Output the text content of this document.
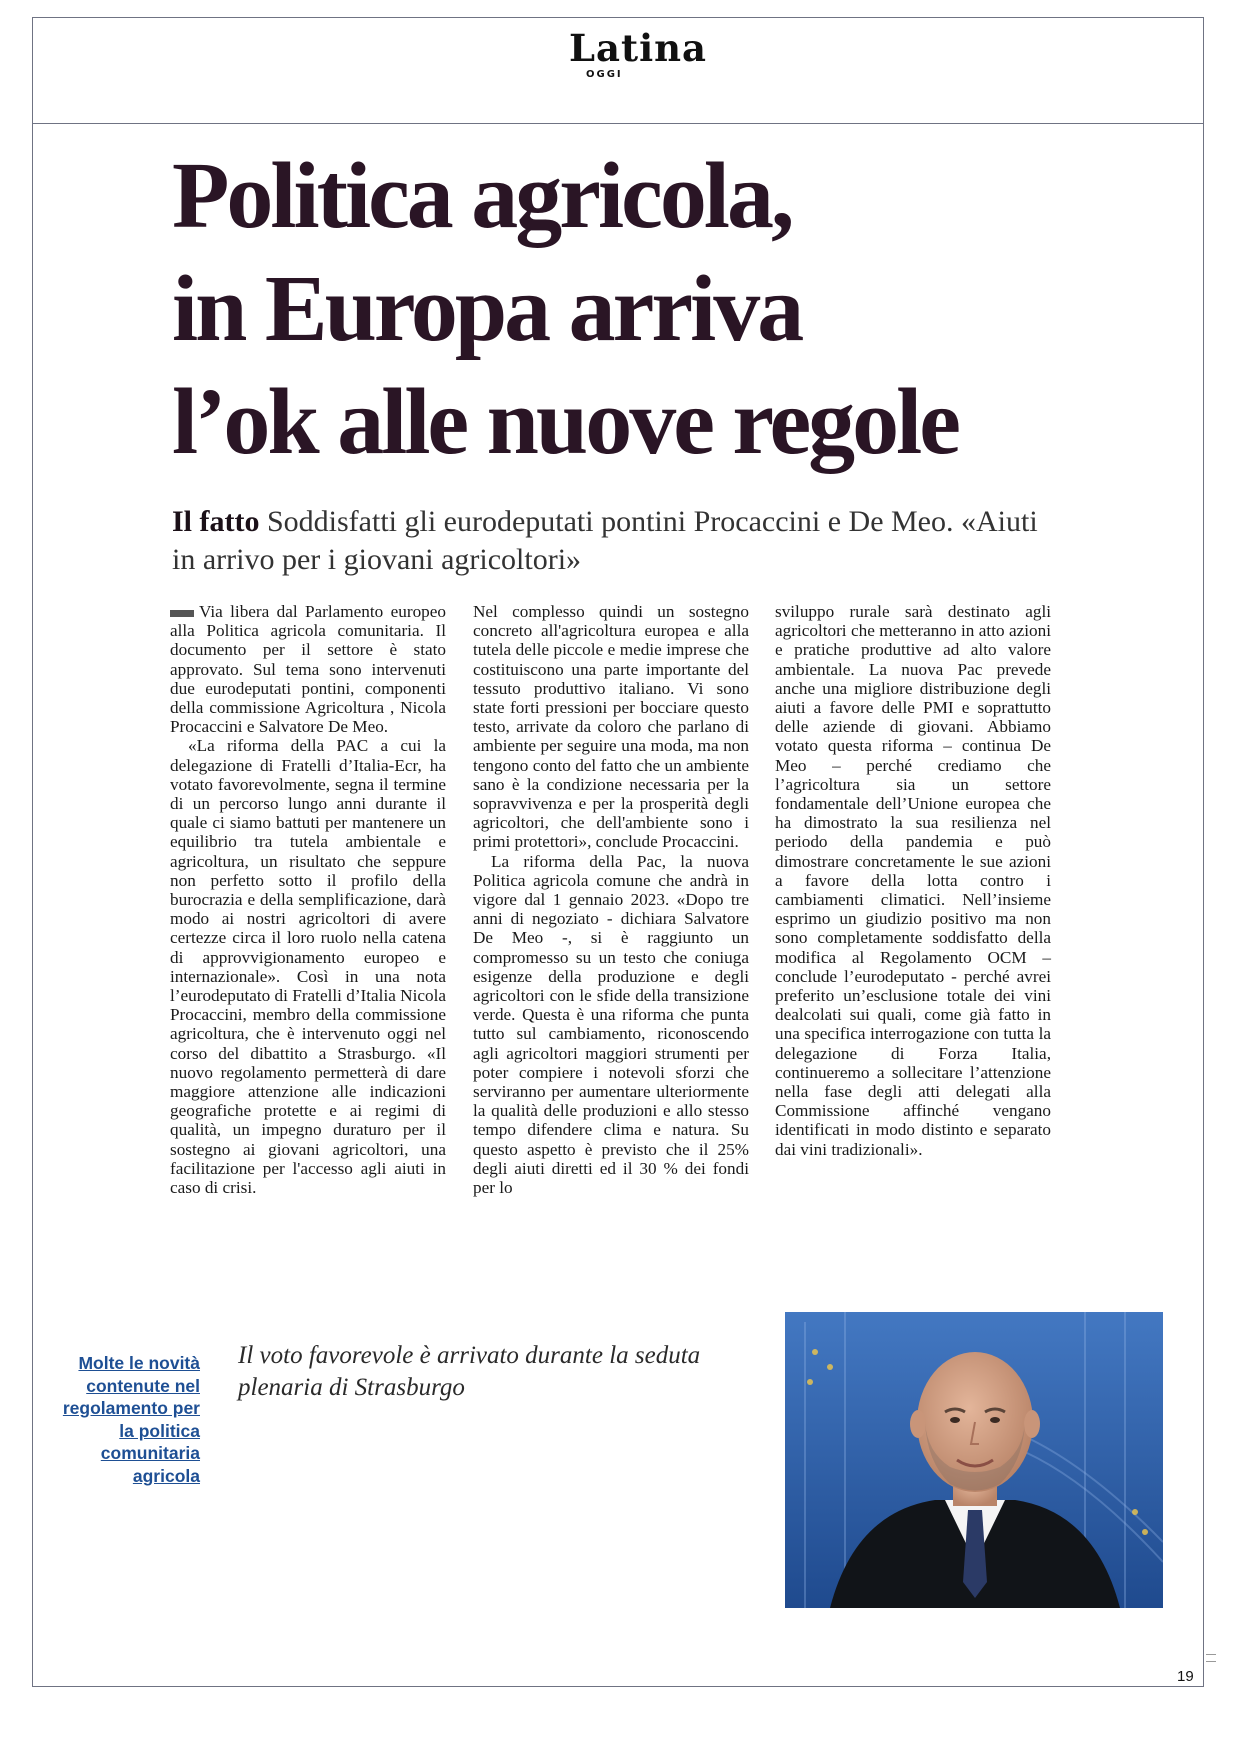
Latina
OGGI
Politica agricola,
in Europa arriva
l’ok alle nuove regole
Il fatto Soddisfatti gli eurodeputati pontini Procaccini e De Meo. «Aiuti in arrivo per i giovani agricoltori»

Via libera dal Parlamento europeo alla Politica agricola comunitaria. Il documento per il settore è stato approvato. Sul tema sono intervenuti due eurodeputati pontini, componenti della commissione Agricoltura , Nicola Procaccini e Salvatore De Meo.

«La riforma della PAC a cui la delegazione di Fratelli d’Italia-Ecr, ha votato favorevolmente, segna il termine di un percorso lungo anni durante il quale ci siamo battuti per mantenere un equilibrio tra tutela ambientale e agricoltura, un risultato che seppure non perfetto sotto il profilo della burocrazia e della semplificazione, darà modo ai nostri agricoltori di avere certezze circa il loro ruolo nella catena di approvvigionamento europeo e internazionale». Così in una nota l’eurodeputato di Fratelli d’Italia Nicola Procaccini, membro della commissione agricoltura, che è intervenuto oggi nel corso del dibattito a Strasburgo. «Il nuovo regolamento permetterà di dare maggiore attenzione alle indicazioni geografiche protette e ai regimi di qualità, un impegno duraturo per il sostegno ai giovani agricoltori, una facilitazione per l'accesso agli aiuti in caso di crisi.

Nel complesso quindi un sostegno concreto all'agricoltura europea e alla tutela delle piccole e medie imprese che costituiscono una parte importante del tessuto produttivo italiano. Vi sono state forti pressioni per bocciare questo testo, arrivate da coloro che parlano di ambiente per seguire una moda, ma non tengono conto del fatto che un ambiente sano è la condizione necessaria per la sopravvivenza e per la prosperità degli agricoltori, che dell'ambiente sono i primi protettori», conclude Procaccini.

La riforma della Pac, la nuova Politica agricola comune che andrà in vigore dal 1 gennaio 2023. «Dopo tre anni di negoziato - dichiara Salvatore De Meo -, si è raggiunto un compromesso su un testo che coniuga esigenze della produzione e degli agricoltori con le sfide della transizione verde. Questa è una riforma che punta tutto sul cambiamento, riconoscendo agli agricoltori maggiori strumenti per poter compiere i notevoli sforzi che serviranno per aumentare ulteriormente la qualità delle produzioni e allo stesso tempo difendere clima e natura. Su questo aspetto è previsto che il 25% degli aiuti diretti ed il 30 % dei fondi per lo

sviluppo rurale sarà destinato agli agricoltori che metteranno in atto azioni e pratiche produttive ad alto valore ambientale. La nuova Pac prevede anche una migliore distribuzione degli aiuti a favore delle PMI e soprattutto delle aziende di giovani. Abbiamo votato questa riforma – continua De Meo – perché crediamo che l’agricoltura sia un settore fondamentale dell’Unione europea che ha dimostrato la sua resilienza nel periodo della pandemia e può dimostrare concretamente le sue azioni a favore della lotta contro i cambiamenti climatici. Nell’insieme esprimo un giudizio positivo ma non sono completamente soddisfatto della modifica al Regolamento OCM – conclude l’eurodeputato - perché avrei preferito un’esclusione totale dei vini dealcolati sui quali, come già fatto in una specifica interrogazione con tutta la delegazione di Forza Italia, continueremo a sollecitare l’attenzione nella fase degli atti delegati alla Commissione affinché vengano identificati in modo distinto e separato dai vini tradizionali».

Molte le novità contenute nel regolamento per la politica comunitaria agricola

Il voto favorevole è arrivato durante la seduta plenaria di Strasburgo

19
